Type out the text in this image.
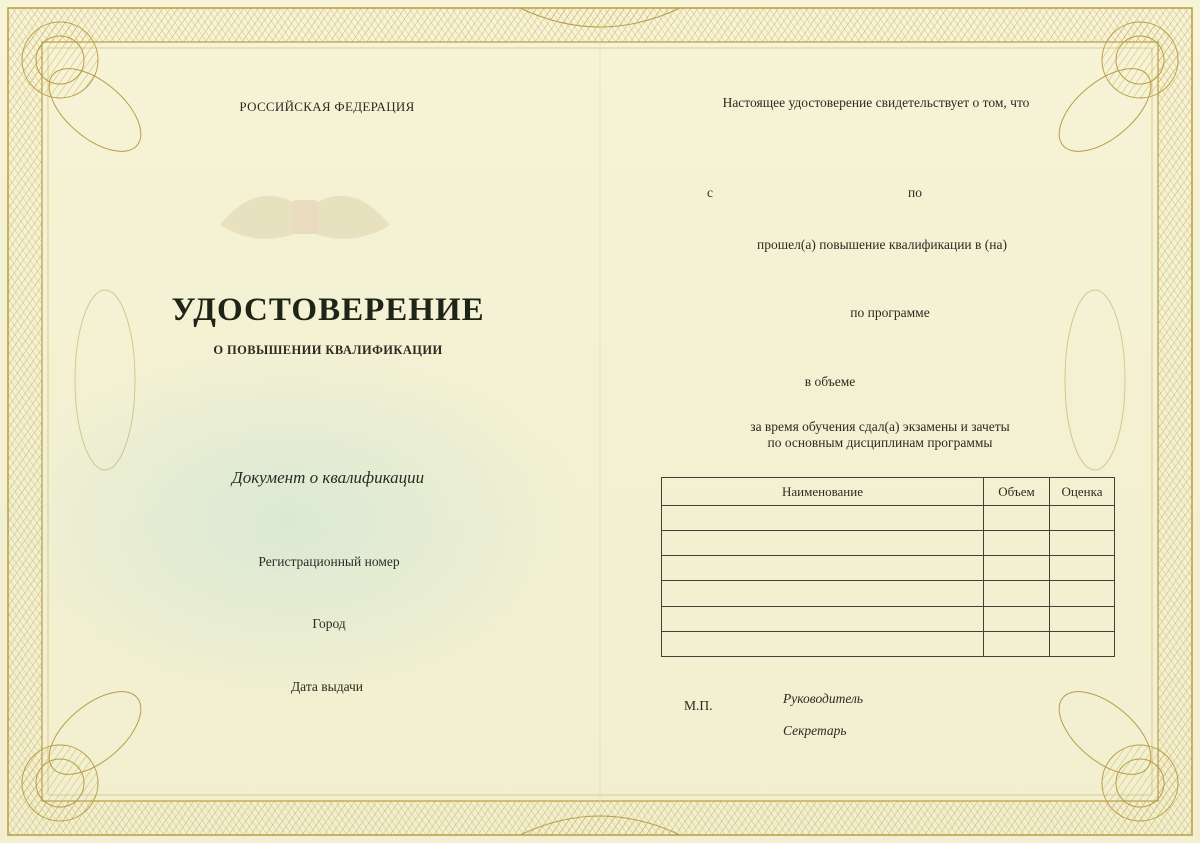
РОССИЙСКАЯ ФЕДЕРАЦИЯ
УДОСТОВЕРЕНИЕ
О ПОВЫШЕНИИ КВАЛИФИКАЦИИ
Документ о квалификации
Регистрационный номер
Город
Дата выдачи
Настоящее удостоверение свидетельствует о том, что
с	по
прошел(а) повышение квалификации в (на)
по программе
в объеме
за время обучения сдал(а) экзамены и зачеты
по основным дисциплинам программы
Наименование	Объем	Оценка

М.П.	Руководитель
Секретарь
